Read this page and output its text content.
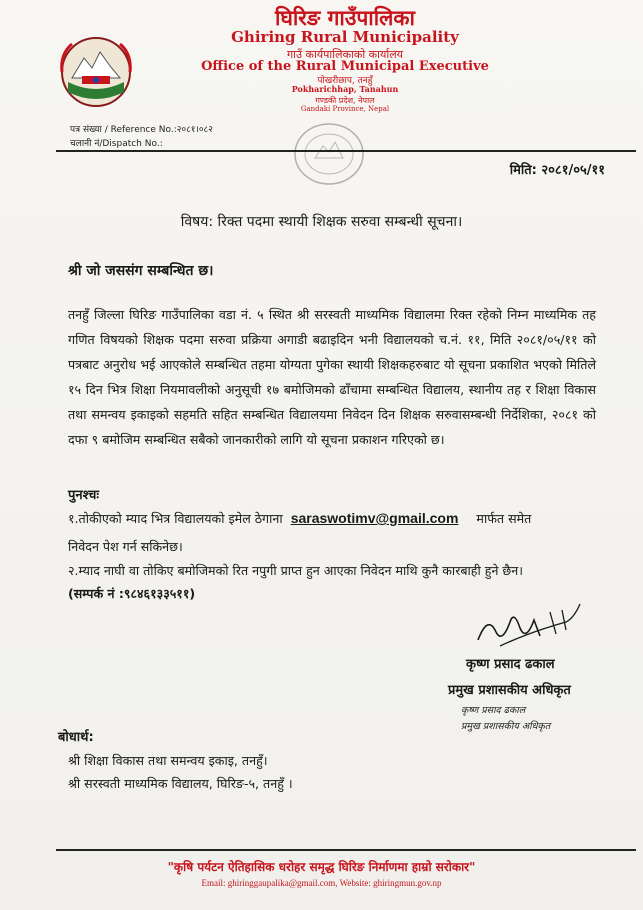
घिरिङ गाउँपालिका
Ghiring Rural Municipality
गाउँ कार्यपालिकाको कार्यालय
Office of the Rural Municipal Executive
पोखरीछाप, तनहुँ
Pokharichhap, Tanahun
गण्डकी प्रदेश, नेपाल
Gandaki Province, Nepal
पत्र संख्या / Reference No.:२०८१।०८२
चलानी नं/Dispatch No.:
मिति: २०८१/०५/११
विषय: रिक्त पदमा स्थायी शिक्षक सरुवा सम्बन्धी सूचना।
श्री जो जससंग सम्बन्धित छ।
तनहुँ जिल्ला घिरिङ गाउँपालिका वडा नं. ५ स्थित श्री सरस्वती माध्यमिक विद्यालमा रिक्त रहेको निम्न माध्यमिक तह गणित विषयको शिक्षक पदमा सरुवा प्रक्रिया अगाडी बढाइदिन भनी विद्यालयको च.नं. ११, मिति २०८१/०५/११ को पत्रबाट अनुरोध भई आएकोले सम्बन्धित तहमा योग्यता पुगेका स्थायी शिक्षकहरुबाट यो सूचना प्रकाशित भएको मितिले १५ दिन भित्र शिक्षा नियमावलीको अनुसूची १७ बमोजिमको ढाँचामा सम्बन्धित विद्यालय, स्थानीय तह र शिक्षा विकास तथा समन्वय इकाइको सहमति सहित सम्बन्धित विद्यालयमा निवेदन दिन शिक्षक सरुवासम्बन्धी निर्देशिका, २०८१ को दफा ९ बमोजिम सम्बन्धित सबैको जानकारीको लागि यो सूचना प्रकाशन गरिएको छ।
पुनश्चः
१.तोकीएको म्याद भित्र विद्यालयको इमेल ठेगाना saraswotimv@gmail.com मार्फत समेत
निवेदन पेश गर्न सकिनेछ।
२.म्याद नाघी वा तोकिए बमोजिमको रित नपुगी प्राप्त हुन आएका निवेदन माथि कुनै कारबाही हुने छैन।
(सम्पर्क नं :९८४६१३३५११)
कृष्ण प्रसाद ढकाल
प्रमुख प्रशासकीय अधिकृत
कृष्ण प्रसाद ढकाल
प्रमुख प्रशासकीय अधिकृत
बोधार्थ:
श्री शिक्षा विकास तथा समन्वय इकाइ, तनहुँ।
श्री सरस्वती माध्यमिक विद्यालय, घिरिङ-५, तनहुँ ।
"कृषि पर्यटन ऐतिहासिक धरोहर समृद्ध घिरिङ निर्माणमा हाम्रो सरोकार"
Email: ghiringgaupalika@gmail.com, Website: ghiringmun.gov.np
